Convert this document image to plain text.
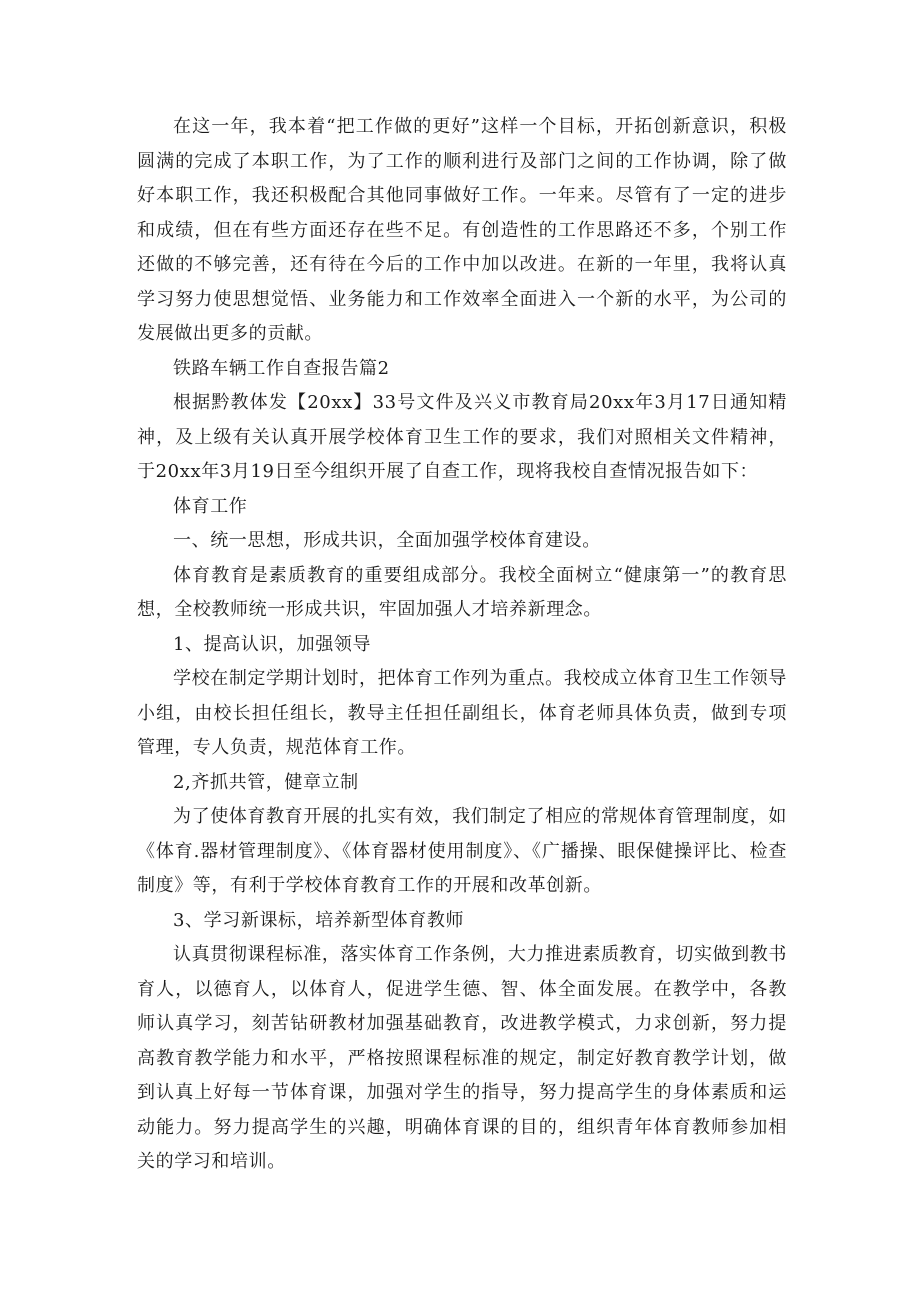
在这一年，我本着“把工作做的更好”这样一个目标，开拓创新意识，积极圆满的完成了本职工作，为了工作的顺利进行及部门之间的工作协调，除了做好本职工作，我还积极配合其他同事做好工作。一年来。尽管有了一定的进步和成绩，但在有些方面还存在些不足。有创造性的工作思路还不多，个别工作还做的不够完善，还有待在今后的工作中加以改进。在新的一年里，我将认真学习努力使思想觉悟、业务能力和工作效率全面进入一个新的水平，为公司的发展做出更多的贡献。

铁路车辆工作自查报告篇2

根据黔教体发【20xx】33号文件及兴义市教育局20xx年3月17日通知精神，及上级有关认真开展学校体育卫生工作的要求，我们对照相关文件精神，于20xx年3月19日至今组织开展了自查工作，现将我校自查情况报告如下：

体育工作

一、统一思想，形成共识，全面加强学校体育建设。

体育教育是素质教育的重要组成部分。我校全面树立“健康第一”的教育思想，全校教师统一形成共识，牢固加强人才培养新理念。

1、提高认识，加强领导

学校在制定学期计划时，把体育工作列为重点。我校成立体育卫生工作领导小组，由校长担任组长，教导主任担任副组长，体育老师具体负责，做到专项管理，专人负责，规范体育工作。

2,齐抓共管，健章立制

为了使体育教育开展的扎实有效，我们制定了相应的常规体育管理制度，如《体育.器材管理制度》、《体育器材使用制度》、《广播操、眼保健操评比、检查制度》等，有利于学校体育教育工作的开展和改革创新。

3、学习新课标，培养新型体育教师

认真贯彻课程标准，落实体育工作条例，大力推进素质教育，切实做到教书育人，以德育人，以体育人，促进学生德、智、体全面发展。在教学中，各教师认真学习，刻苦钻研教材加强基础教育，改进教学模式，力求创新，努力提高教育教学能力和水平，严格按照课程标准的规定，制定好教育教学计划，做到认真上好每一节体育课，加强对学生的指导，努力提高学生的身体素质和运动能力。努力提高学生的兴趣，明确体育课的目的，组织青年体育教师参加相关的学习和培训。
